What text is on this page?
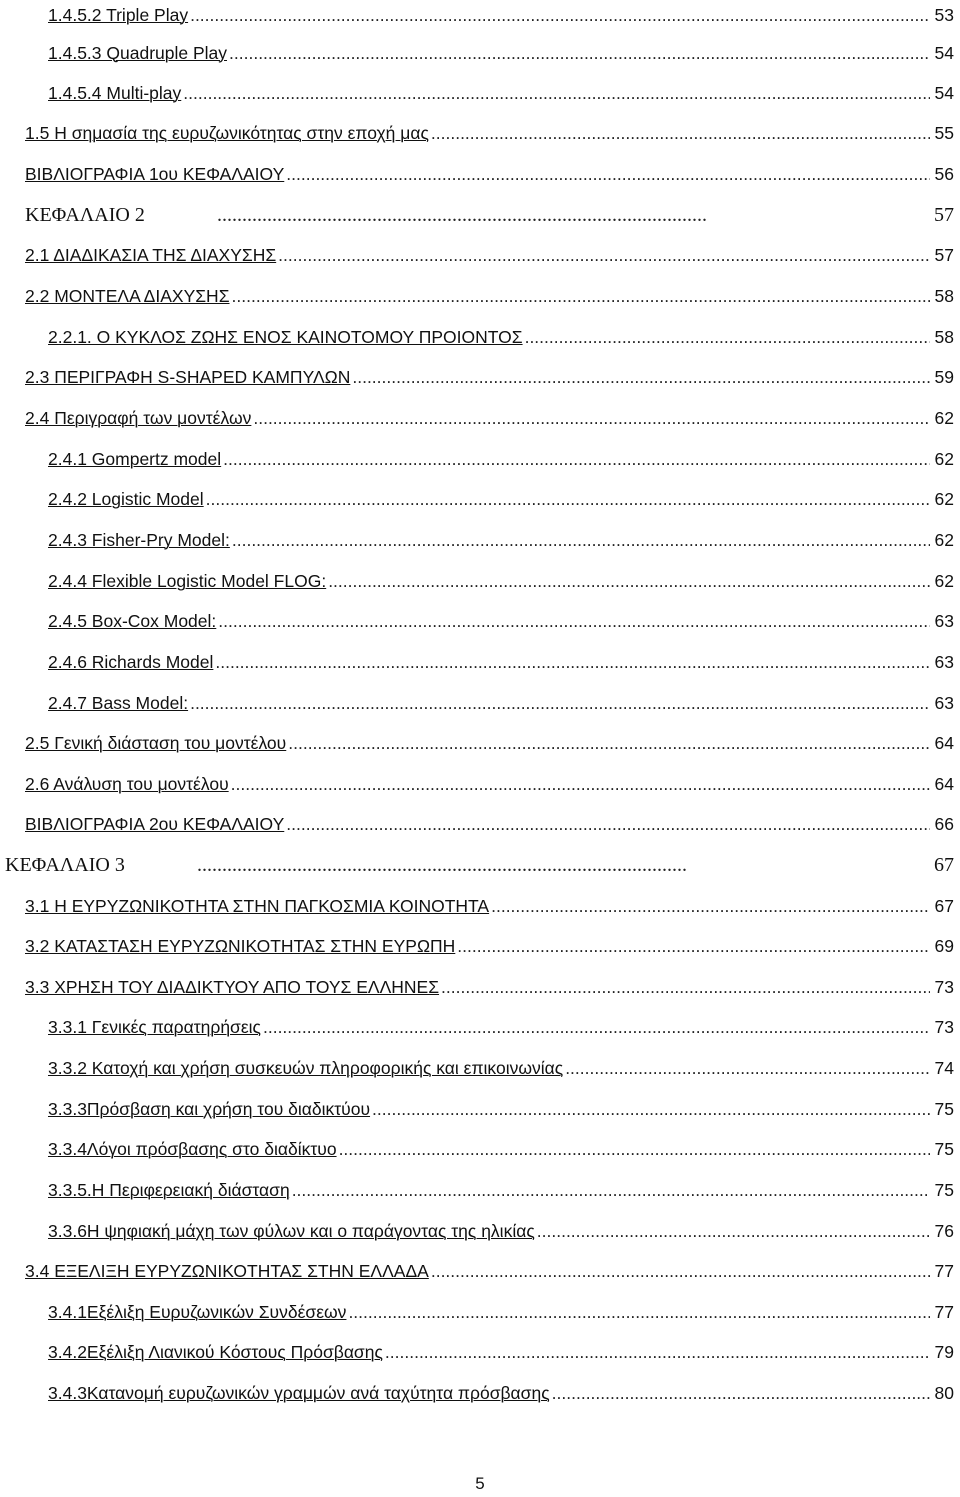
1.4.5.2 Triple Play .....	53
1.4.5.3 Quadruple Play .....	54
1.4.5.4 Multi-play .....	54
1.5 Η σημασία της ευρυζωνικότητας στην εποχή μας .....	55
ΒΙΒΛΙΟΓΡΑΦΙΑ 1ου ΚΕΦΑΛΑΙΟΥ .....	56
ΚΕΦΑΛΑΙΟ 2 .....	57
2.1 ΔΙΑΔΙΚΑΣΙΑ ΤΗΣ ΔΙΑΧΥΣΗΣ .....	57
2.2 ΜΟΝΤΕΛΑ ΔΙΑΧΥΣΗΣ .....	58
2.2.1. Ο ΚΥΚΛΟΣ ΖΩΗΣ ΕΝΟΣ ΚΑΙΝΟΤΟΜΟΥ ΠΡΟΙΟΝΤΟΣ .....	58
2.3 ΠΕΡΙΓΡΑΦΗ S-SHAPED ΚΑΜΠΥΛΩΝ .....	59
2.4 Περιγραφή των μοντέλων .....	62
2.4.1 Gompertz model .....	62
2.4.2 Logistic Model .....	62
2.4.3 Fisher-Pry Model: .....	62
2.4.4 Flexible Logistic Model FLOG: .....	62
2.4.5 Box-Cox Model: .....	63
2.4.6 Richards Model .....	63
2.4.7 Bass Model: .....	63
2.5 Γενική διάσταση του μοντέλου .....	64
2.6 Ανάλυση του μοντέλου .....	64
ΒΙΒΛΙΟΓΡΑΦΙΑ 2ου ΚΕΦΑΛΑΙΟΥ .....	66
ΚΕΦΑΛΑΙΟ 3 .....	67
3.1 Η ΕΥΡΥΖΩΝΙΚΟΤΗΤΑ ΣΤΗΝ ΠΑΓΚΟΣΜΙΑ ΚΟΙΝΟΤΗΤΑ .....	67
3.2 ΚΑΤΑΣΤΑΣΗ ΕΥΡΥΖΩΝΙΚΟΤΗΤΑΣ ΣΤΗΝ ΕΥΡΩΠΗ .....	69
3.3 ΧΡΗΣΗ ΤΟΥ ΔΙΑΔΙΚΤΥΟΥ ΑΠΟ ΤΟΥΣ ΕΛΛΗΝΕΣ .....	73
3.3.1 Γενικές παρατηρήσεις .....	73
3.3.2 Κατοχή και χρήση συσκευών πληροφορικής και επικοινωνίας .....	74
3.3.3Πρόσβαση και χρήση του διαδικτύου .....	75
3.3.4Λόγοι πρόσβασης στο διαδίκτυο .....	75
3.3.5.Η Περιφερειακή διάσταση .....	75
3.3.6Η ψηφιακή μάχη των φύλων και ο παράγοντας της ηλικίας .....	76
3.4 ΕΞΕΛΙΞΗ ΕΥΡΥΖΩΝΙΚΟΤΗΤΑΣ ΣΤΗΝ ΕΛΛΑΔΑ .....	77
3.4.1Εξέλιξη Ευρυζωνικών Συνδέσεων .....	77
3.4.2Εξέλιξη Λιανικού Κόστους Πρόσβασης .....	79
3.4.3Κατανομή ευρυζωνικών γραμμών ανά ταχύτητα πρόσβασης .....	80
5
